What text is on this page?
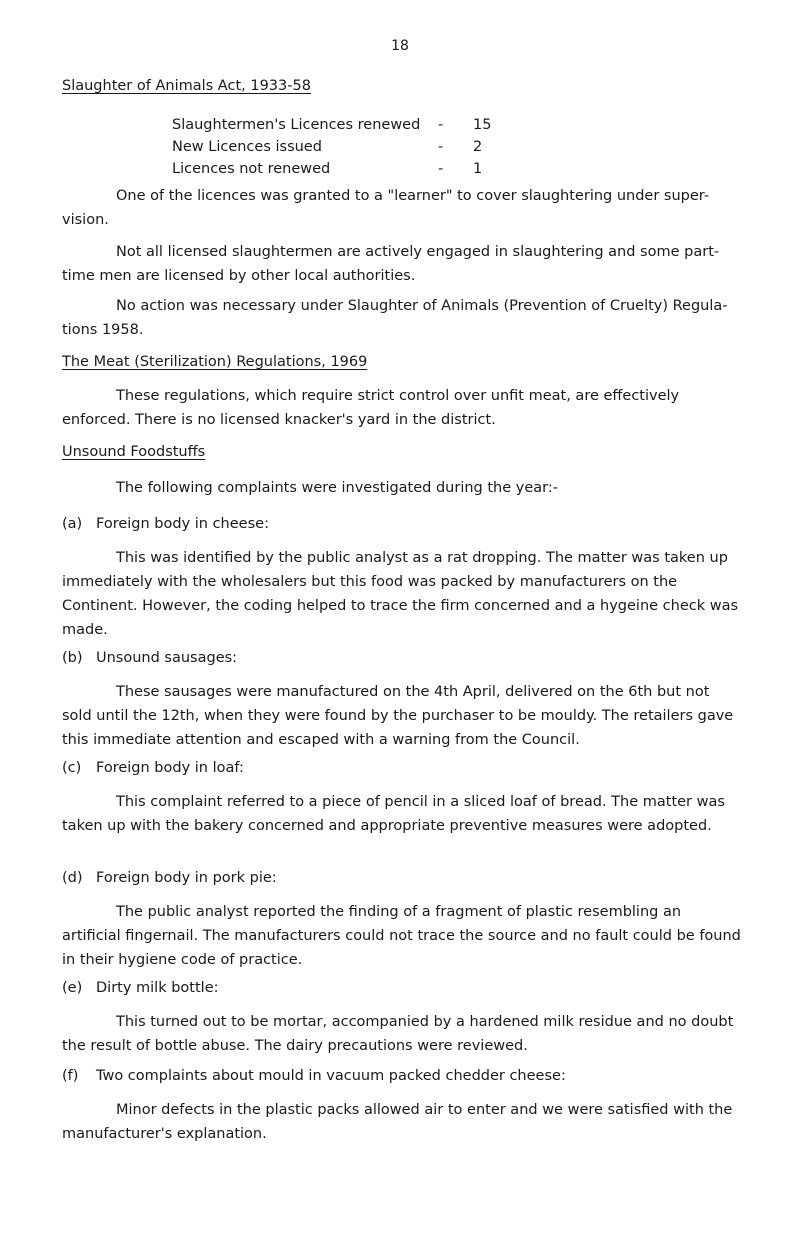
18

Slaughter of Animals Act, 1933-58

Slaughtermen's Licences renewed	-	15
New Licences issued	-	2
Licences not renewed	-	1

One of the licences was granted to a "learner" to cover slaughtering under super-vision.

Not all licensed slaughtermen are actively engaged in slaughtering and some part-time men are licensed by other local authorities.

No action was necessary under Slaughter of Animals (Prevention of Cruelty) Regula-tions 1958.

The Meat (Sterilization) Regulations, 1969

These regulations, which require strict control over unfit meat, are effectively enforced. There is no licensed knacker's yard in the district.

Unsound Foodstuffs

The following complaints were investigated during the year:-

(a) Foreign body in cheese:

This was identified by the public analyst as a rat dropping. The matter was taken up immediately with the wholesalers but this food was packed by manufacturers on the Continent. However, the coding helped to trace the firm concerned and a hygeine check was made.

(b) Unsound sausages:

These sausages were manufactured on the 4th April, delivered on the 6th but not sold until the 12th, when they were found by the purchaser to be mouldy. The retailers gave this immediate attention and escaped with a warning from the Council.

(c) Foreign body in loaf:

This complaint referred to a piece of pencil in a sliced loaf of bread. The matter was taken up with the bakery concerned and appropriate preventive measures were adopted.

(d) Foreign body in pork pie:

The public analyst reported the finding of a fragment of plastic resembling an artificial fingernail. The manufacturers could not trace the source and no fault could be found in their hygiene code of practice.

(e) Dirty milk bottle:

This turned out to be mortar, accompanied by a hardened milk residue and no doubt the result of bottle abuse. The dairy precautions were reviewed.

(f) Two complaints about mould in vacuum packed chedder cheese:

Minor defects in the plastic packs allowed air to enter and we were satisfied with the manufacturer's explanation.
